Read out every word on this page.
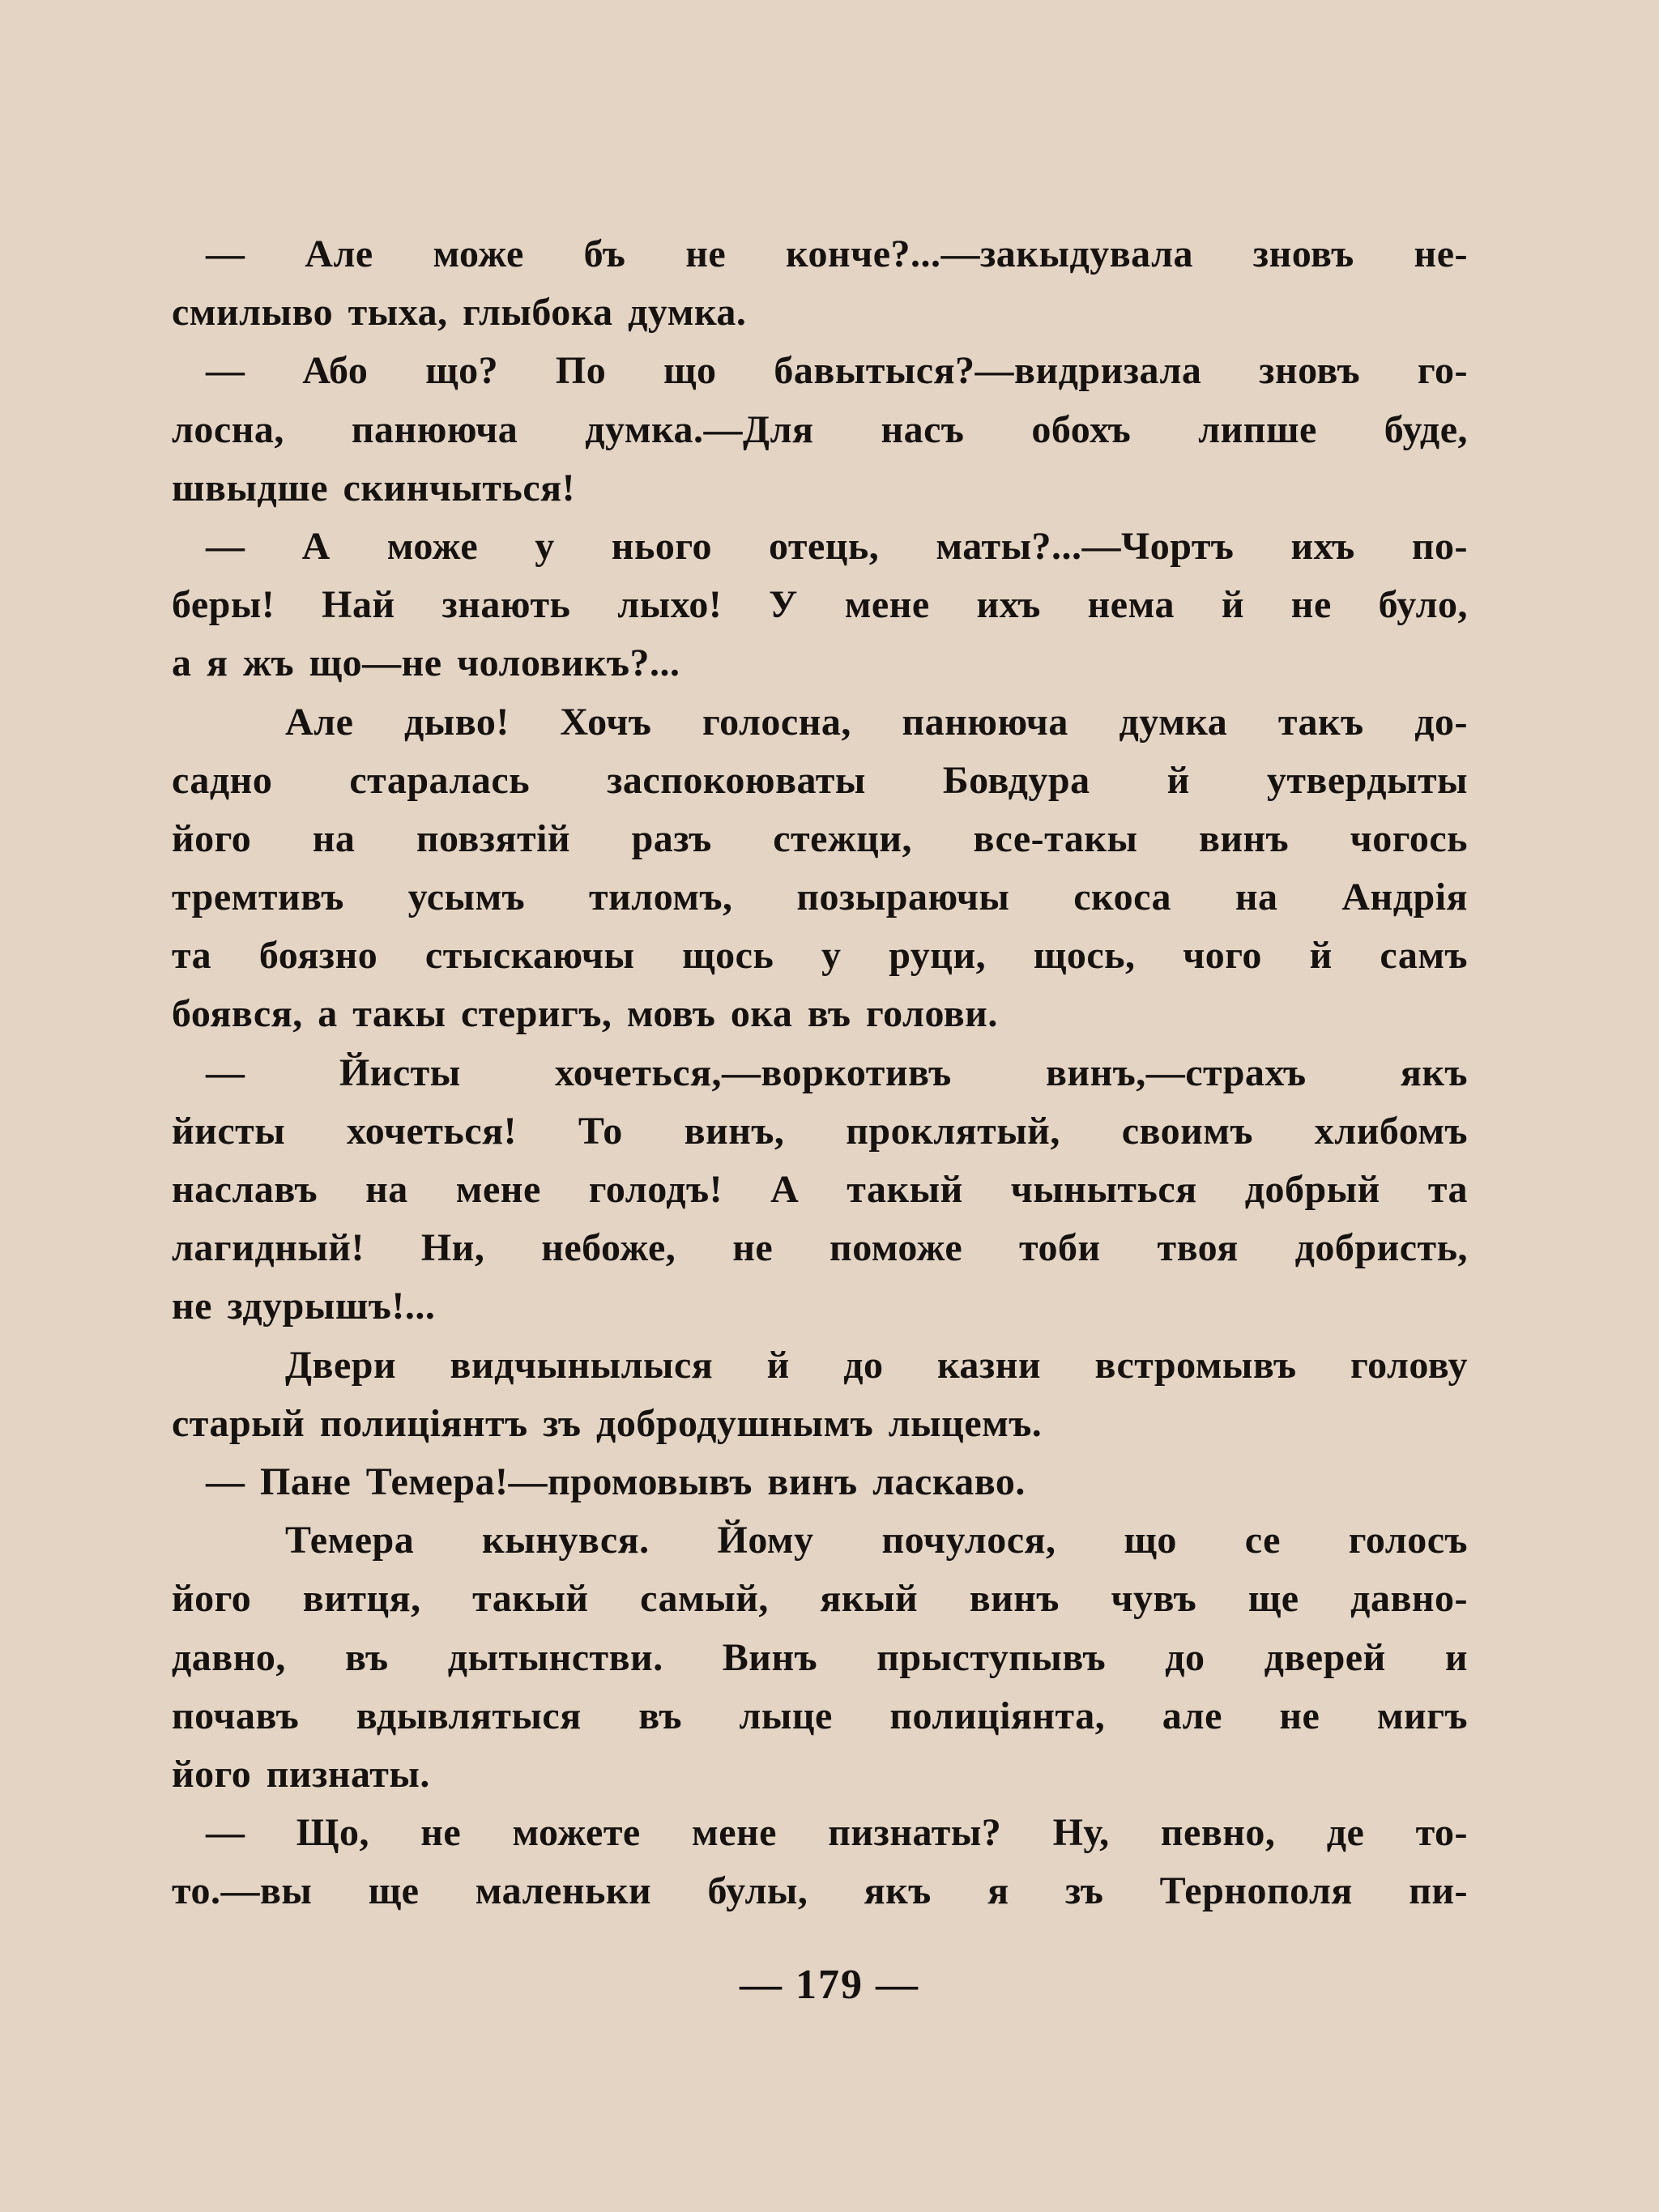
— Але може бъ не конче?...—закыдувала зновъ не-
смилыво тыха, глыбока думка.
— Або що? По що бавытыся?—видризала зновъ го-
лосна, панююча думка.—Для насъ обохъ липше буде,
швыдше скинчыться!
— А може у нього отець, маты?...—Чортъ ихъ по-
беры! Най знають лыхо! У мене ихъ нема й не було,
а я жъ що—не чоловикъ?...
Але дыво! Хочъ голосна, панююча думка такъ до-
садно старалась заспокоюваты Бовдура й утвердыты
його на повзятій разъ стежци, все-такы винъ чогось
тремтивъ усымъ тиломъ, позыраючы скоса на Андрія
та боязно стыскаючы щось у руци, щось, чого й самъ
боявся, а такы стеригъ, мовъ ока въ голови.
— Йисты хочеться,—воркотивъ винъ,—страхъ якъ
йисты хочеться! То винъ, проклятый, своимъ хлибомъ
наславъ на мене голодъ! А такый чыныться добрый та
лагидный! Ни, небоже, не поможе тоби твоя добристь,
не здурышъ!...
Двери видчынылыся й до казни встромывъ голову
старый полиціянтъ зъ добродушнымъ лыцемъ.
— Пане Темера!—промовывъ винъ ласкаво.
Темера кынувся. Йому почулося, що се голосъ
його витця, такый самый, якый винъ чувъ ще давно-
давно, въ дытынстви. Винъ прыступывъ до дверей и
почавъ вдывлятыся въ лыце полиціянта, але не мигъ
його пизнаты.
— Що, не можете мене пизнаты? Ну, певно, де то-
то.—вы ще маленьки булы, якъ я зъ Тернополя пи-
— 179 —
